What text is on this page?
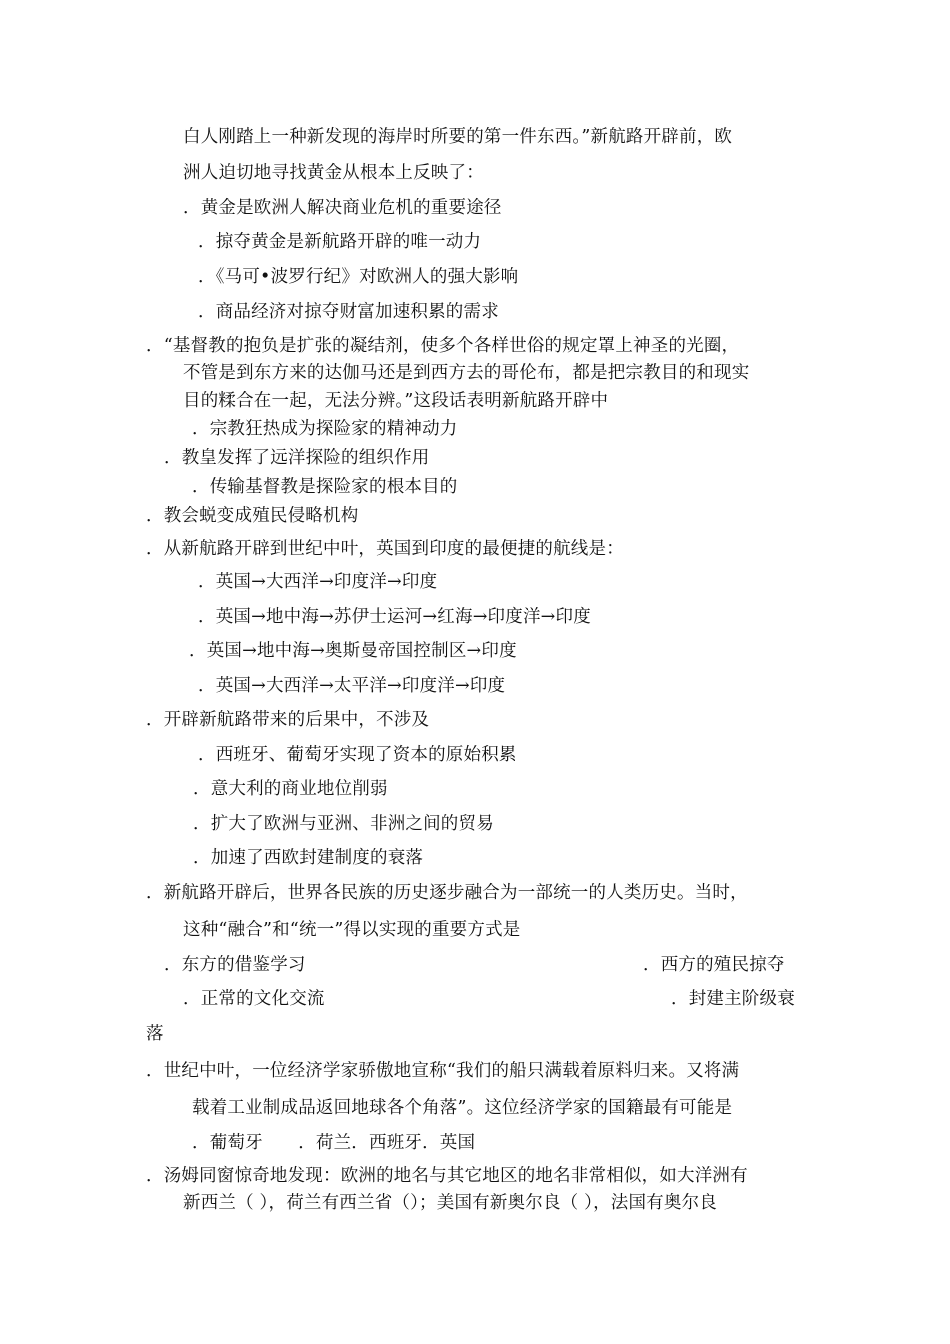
白人刚踏上一种新发现的海岸时所要的第一件东西。”新航路开辟前，欧
洲人迫切地寻找黄金从根本上反映了：
．黄金是欧洲人解决商业危机的重要途径
．掠夺黄金是新航路开辟的唯一动力
．《马可•波罗行纪》对欧洲人的强大影响
．商品经济对掠夺财富加速积累的需求
．“基督教的抱负是扩张的凝结剂，使多个各样世俗的规定罩上神圣的光圈，
不管是到东方来的达伽马还是到西方去的哥伦布，都是把宗教目的和现实
目的糅合在一起，无法分辨。”这段话表明新航路开辟中
．宗教狂热成为探险家的精神动力
．教皇发挥了远洋探险的组织作用
．传输基督教是探险家的根本目的
．教会蜕变成殖民侵略机构
．从新航路开辟到世纪中叶，英国到印度的最便捷的航线是：
．英国→大西洋→印度洋→印度
．英国→地中海→苏伊士运河→红海→印度洋→印度
．英国→地中海→奥斯曼帝国控制区→印度
．英国→大西洋→太平洋→印度洋→印度
．开辟新航路带来的后果中，不涉及
．西班牙、葡萄牙实现了资本的原始积累
．意大利的商业地位削弱
．扩大了欧洲与亚洲、非洲之间的贸易
．加速了西欧封建制度的衰落
．新航路开辟后，世界各民族的历史逐步融合为一部统一的人类历史。当时，
这种“融合”和“统一”得以实现的重要方式是
．东方的借鉴学习	．西方的殖民掠夺
．正常的文化交流	．封建主阶级衰
落
．世纪中叶，一位经济学家骄傲地宣称“我们的船只满载着原料归来。又将满
载着工业制成品返回地球各个角落”。这位经济学家的国籍最有可能是
．葡萄牙　　．荷兰．西班牙．英国
．汤姆同窗惊奇地发现：欧洲的地名与其它地区的地名非常相似，如大洋洲有
新西兰（ ），荷兰有西兰省（）；美国有新奥尔良（ ），法国有奥尔良
